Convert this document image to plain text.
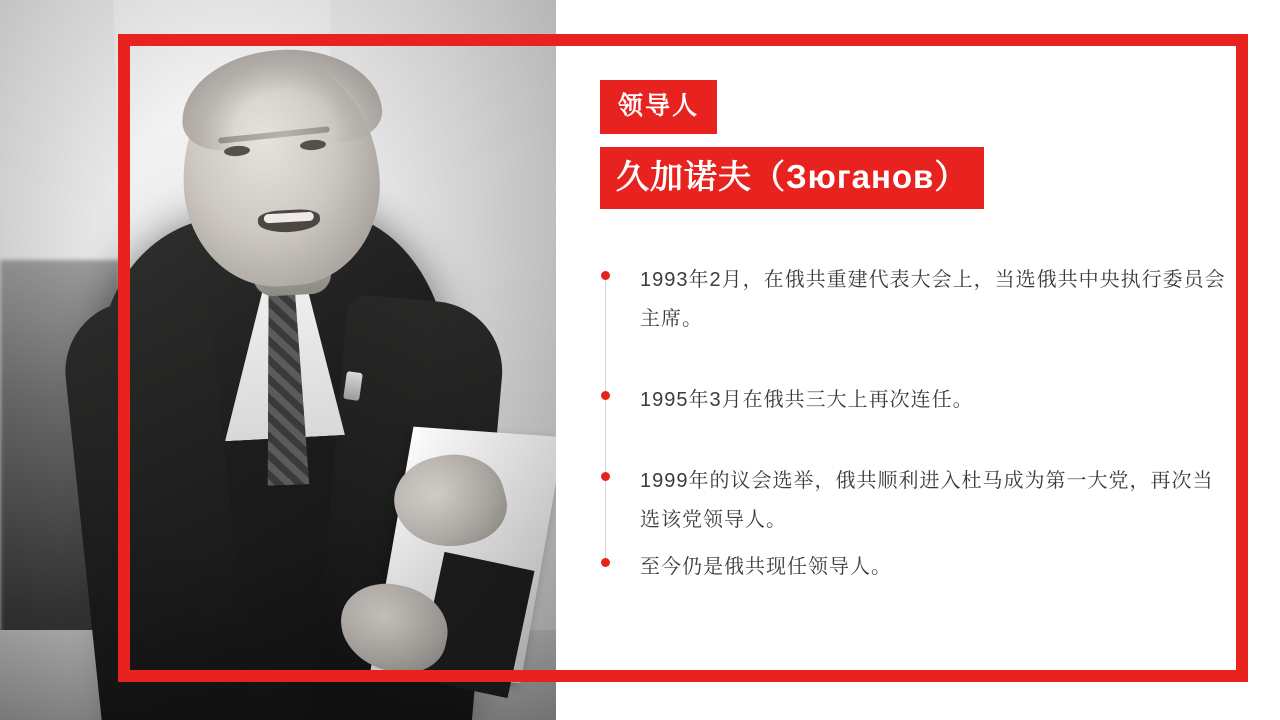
领导人
久加诺夫（Зюганов）
1993年2月，在俄共重建代表大会上，当选俄共中央执行委员会主席。
1995年3月在俄共三大上再次连任。
1999年的议会选举，俄共顺利进入杜马成为第一大党，再次当选该党领导人。
至今仍是俄共现任领导人。
